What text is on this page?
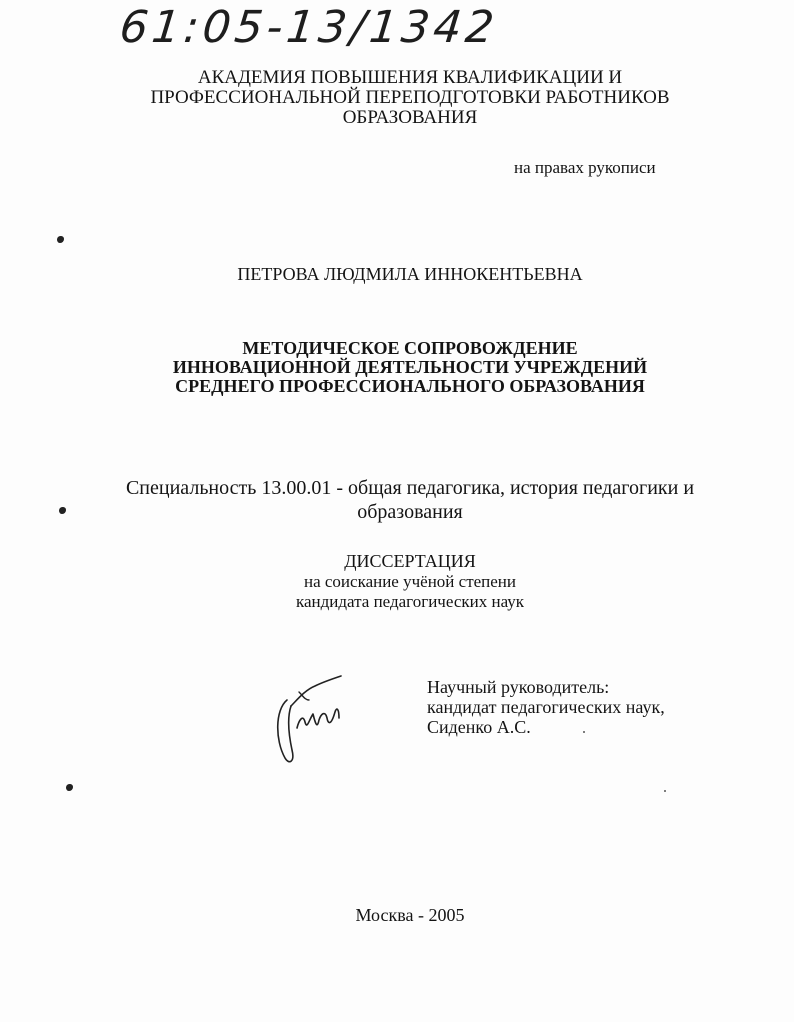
61:05-13/1342
АКАДЕМИЯ ПОВЫШЕНИЯ КВАЛИФИКАЦИИ И
ПРОФЕССИОНАЛЬНОЙ ПЕРЕПОДГОТОВКИ РАБОТНИКОВ
ОБРАЗОВАНИЯ
на правах рукописи
ПЕТРОВА ЛЮДМИЛА ИННОКЕНТЬЕВНА
МЕТОДИЧЕСКОЕ СОПРОВОЖДЕНИЕ
ИННОВАЦИОННОЙ ДЕЯТЕЛЬНОСТИ УЧРЕЖДЕНИЙ
СРЕДНЕГО ПРОФЕССИОНАЛЬНОГО ОБРАЗОВАНИЯ
Специальность 13.00.01 - общая педагогика, история педагогики и
образования
ДИССЕРТАЦИЯ
на соискание учёной степени
кандидата педагогических наук
Научный руководитель:
кандидат педагогических наук,
Сиденко А.С.
Москва - 2005
